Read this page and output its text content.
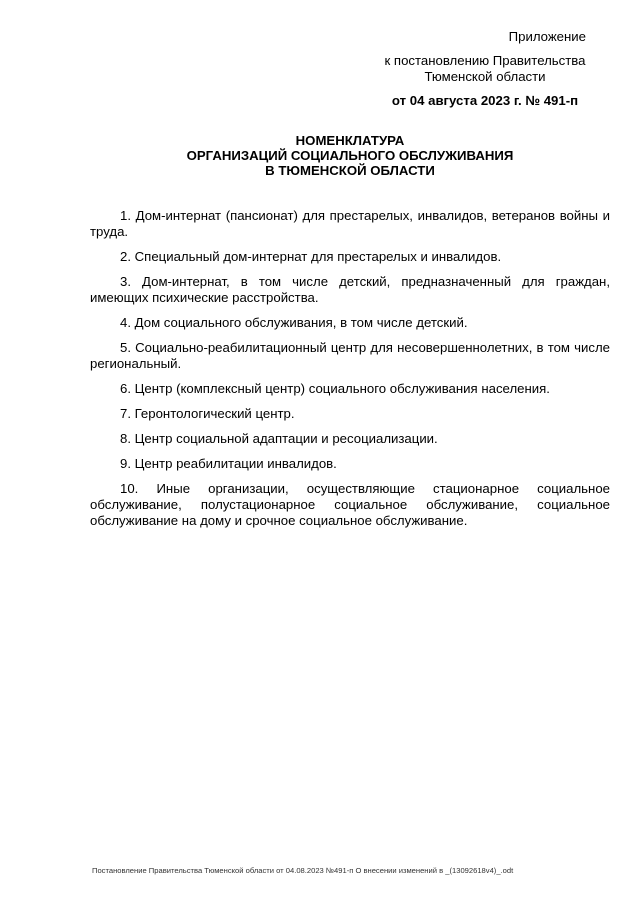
Приложение
к постановлению Правительства
Тюменской области
от 04 августа 2023 г. № 491-п
НОМЕНКЛАТУРА
ОРГАНИЗАЦИЙ СОЦИАЛЬНОГО ОБСЛУЖИВАНИЯ
В ТЮМЕНСКОЙ ОБЛАСТИ
1. Дом-интернат (пансионат) для престарелых, инвалидов, ветеранов войны и труда.
2. Специальный дом-интернат для престарелых и инвалидов.
3. Дом-интернат, в том числе детский, предназначенный для граждан, имеющих психические расстройства.
4. Дом социального обслуживания, в том числе детский.
5. Социально-реабилитационный центр для несовершеннолетних, в том числе региональный.
6. Центр (комплексный центр) социального обслуживания населения.
7. Геронтологический центр.
8. Центр социальной адаптации и ресоциализации.
9. Центр реабилитации инвалидов.
10. Иные организации, осуществляющие стационарное социальное обслуживание, полустационарное социальное обслуживание, социальное обслуживание на дому и срочное социальное обслуживание.
Постановление Правительства Тюменской области от 04.08.2023 №491-п О внесении изменений в _(13092618v4)_.odt
